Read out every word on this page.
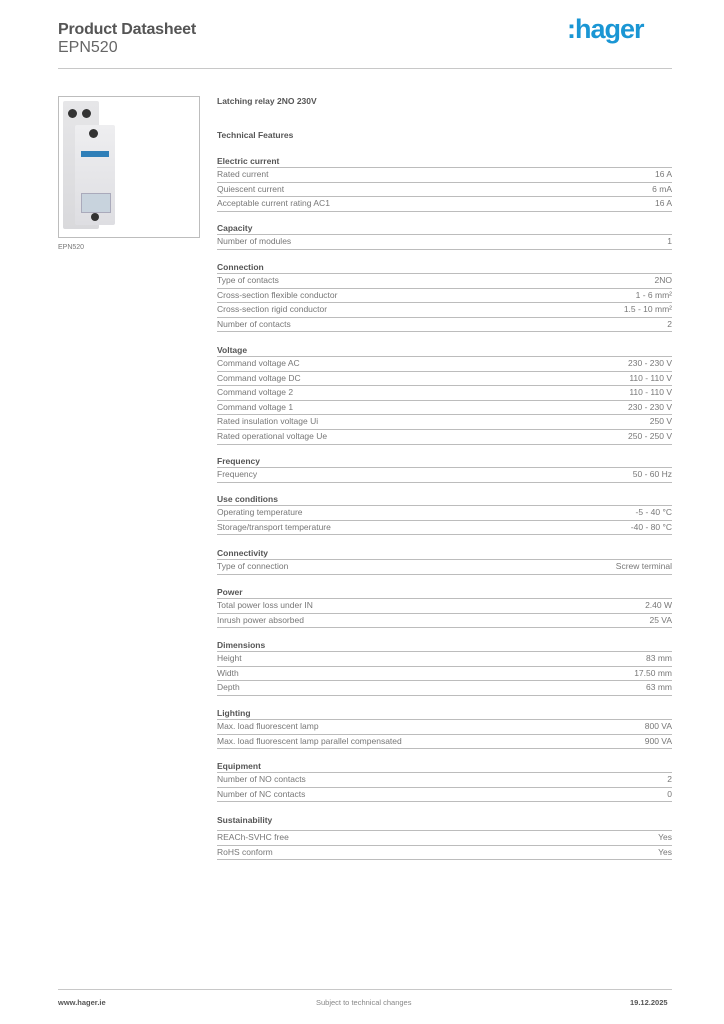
Product Datasheet
EPN520
:hager
EPN520
Latching relay 2NO 230V
Technical Features
Electric current
Rated current	16 A
Quiescent current	6 mA
Acceptable current rating AC1	16 A
Capacity
Number of modules	1
Connection
Type of contacts	2NO
Cross-section flexible conductor	1 - 6 mm²
Cross-section rigid conductor	1.5 - 10 mm²
Number of contacts	2
Voltage
Command voltage AC	230 - 230 V
Command voltage DC	110 - 110 V
Command voltage 2	110 - 110 V
Command voltage 1	230 - 230 V
Rated insulation voltage Ui	250 V
Rated operational voltage Ue	250 - 250 V
Frequency
Frequency	50 - 60 Hz
Use conditions
Operating temperature	-5 - 40 °C
Storage/transport temperature	-40 - 80 °C
Connectivity
Type of connection	Screw terminal
Power
Total power loss under IN	2.40 W
Inrush power absorbed	25 VA
Dimensions
Height	83 mm
Width	17.50 mm
Depth	63 mm
Lighting
Max. load fluorescent lamp	800 VA
Max. load fluorescent lamp parallel compensated	900 VA
Equipment
Number of NO contacts	2
Number of NC contacts	0
Sustainability
REACh-SVHC free	Yes
RoHS conform	Yes
www.hager.ie	Subject to technical changes	19.12.2025
